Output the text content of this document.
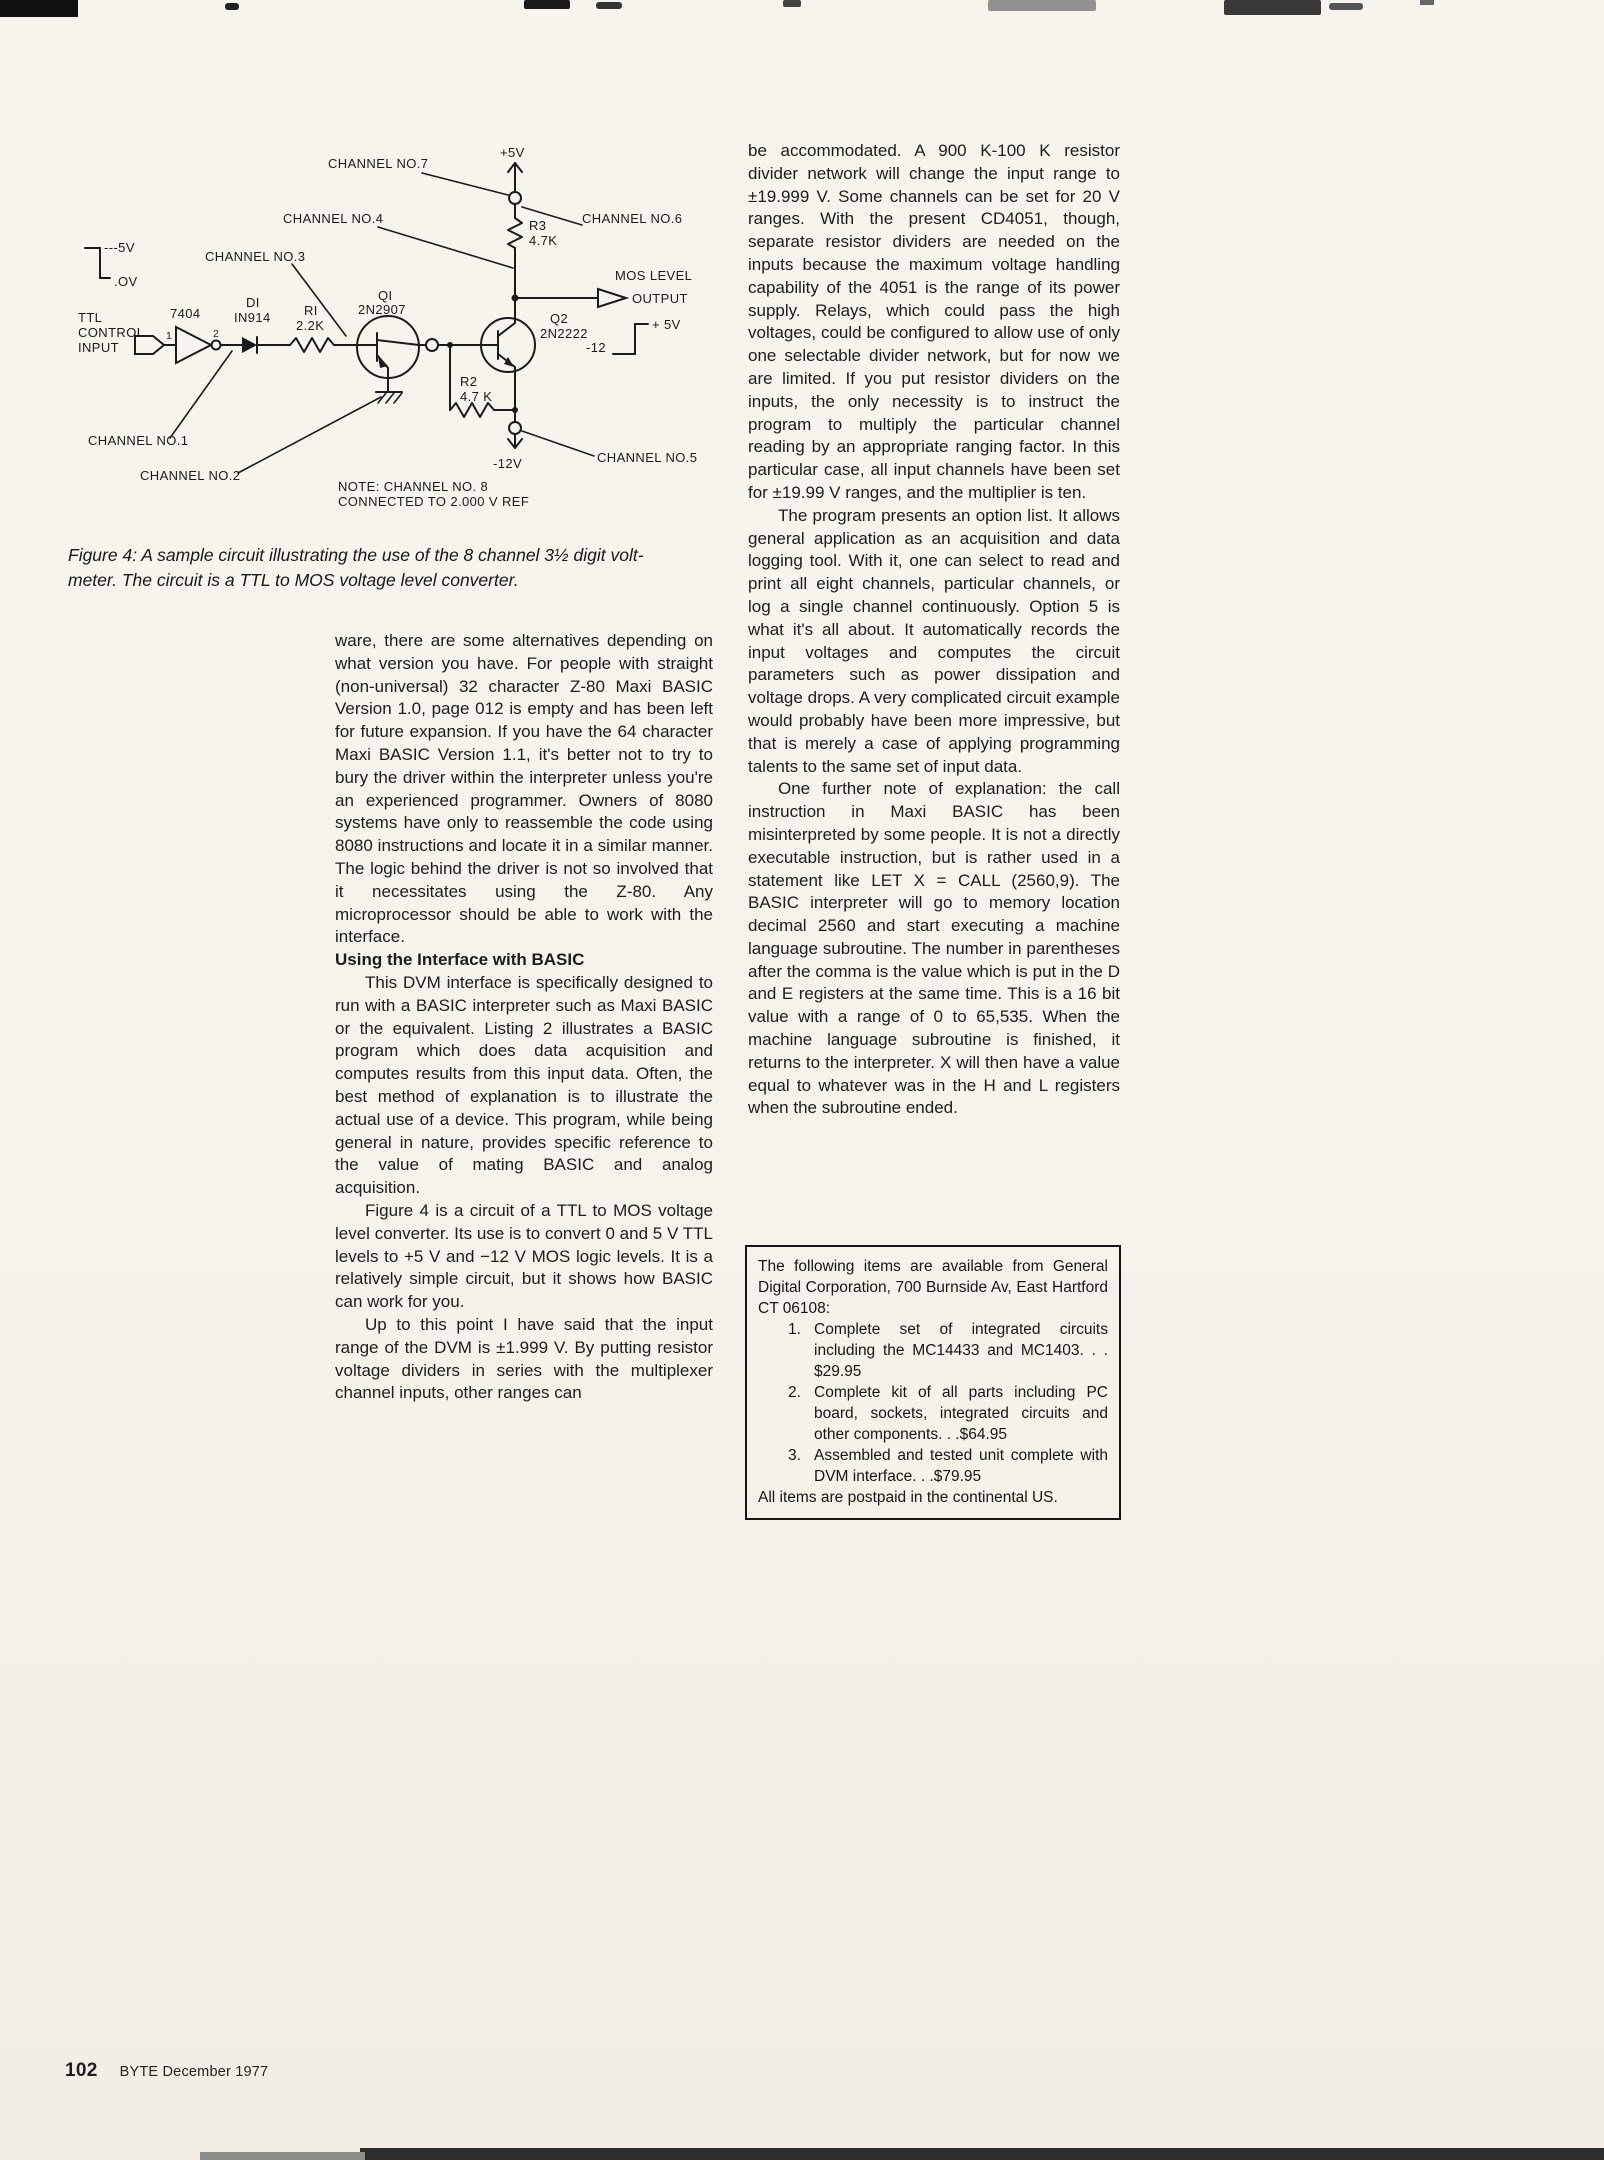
+5V
CHANNEL NO.7
CHANNEL NO.4	CHANNEL NO.6
R3
4.7K
---5V
.OV
CHANNEL NO.3
MOS LEVEL
OUTPUT
TTL
CONTROL
INPUT
7404
1	2
DI
IN914	RI
2.2K
QI
2N2907
Q2
2N2222
+ 5V
-12
R2
4.7 K
CHANNEL NO.1
CHANNEL NO.2
-12V	CHANNEL NO.5
NOTE: CHANNEL NO. 8
CONNECTED TO 2.000 V REF
Figure 4: A sample circuit illustrating the use of the 8 channel 3½ digit volt-
meter. The circuit is a TTL to MOS voltage level converter.

ware, there are some alternatives depending on what version you have. For people with straight (non-universal) 32 character Z-80 Maxi BASIC Version 1.0, page 012 is empty and has been left for future expansion. If you have the 64 character Maxi BASIC Version 1.1, it's better not to try to bury the driver within the interpreter unless you're an experienced programmer. Owners of 8080 systems have only to reassemble the code using 8080 instructions and locate it in a similar manner. The logic behind the driver is not so involved that it necessitates using the Z-80. Any microprocessor should be able to work with the interface.

Using the Interface with BASIC

This DVM interface is specifically designed to run with a BASIC interpreter such as Maxi BASIC or the equivalent. Listing 2 illustrates a BASIC program which does data acquisition and computes results from this input data. Often, the best method of explanation is to illustrate the actual use of a device. This program, while being general in nature, provides specific reference to the value of mating BASIC and analog acquisition.

Figure 4 is a circuit of a TTL to MOS voltage level converter. Its use is to convert 0 and 5 V TTL levels to +5 V and −12 V MOS logic levels. It is a relatively simple circuit, but it shows how BASIC can work for you.

Up to this point I have said that the input range of the DVM is ±1.999 V. By putting resistor voltage dividers in series with the multiplexer channel inputs, other ranges can

be accommodated. A 900 K-100 K resistor divider network will change the input range to ±19.999 V. Some channels can be set for 20 V ranges. With the present CD4051, though, separate resistor dividers are needed on the inputs because the maximum voltage handling capability of the 4051 is the range of its power supply. Relays, which could pass the high voltages, could be configured to allow use of only one selectable divider network, but for now we are limited. If you put resistor dividers on the inputs, the only necessity is to instruct the program to multiply the particular channel reading by an appropriate ranging factor. In this particular case, all input channels have been set for ±19.99 V ranges, and the multiplier is ten.

The program presents an option list. It allows general application as an acquisition and data logging tool. With it, one can select to read and print all eight channels, particular channels, or log a single channel continuously. Option 5 is what it's all about. It automatically records the input voltages and computes the circuit parameters such as power dissipation and voltage drops. A very complicated circuit example would probably have been more impressive, but that is merely a case of applying programming talents to the same set of input data.

One further note of explanation: the call instruction in Maxi BASIC has been misinterpreted by some people. It is not a directly executable instruction, but is rather used in a statement like LET X = CALL (2560,9). The BASIC interpreter will go to memory location decimal 2560 and start executing a machine language subroutine. The number in parentheses after the comma is the value which is put in the D and E registers at the same time. This is a 16 bit value with a range of 0 to 65,535. When the machine language subroutine is finished, it returns to the interpreter. X will then have a value equal to whatever was in the H and L registers when the subroutine ended.

The following items are available from General Digital Corporation, 700 Burnside Av, East Hartford CT 06108:

1. Complete set of integrated circuits including the MC14433 and MC1403. . . $29.95

2. Complete kit of all parts including PC board, sockets, integrated circuits and other components. . .$64.95

3. Assembled and tested unit complete with DVM interface. . .$79.95

All items are postpaid in the continental US.

102 BYTE December 1977
